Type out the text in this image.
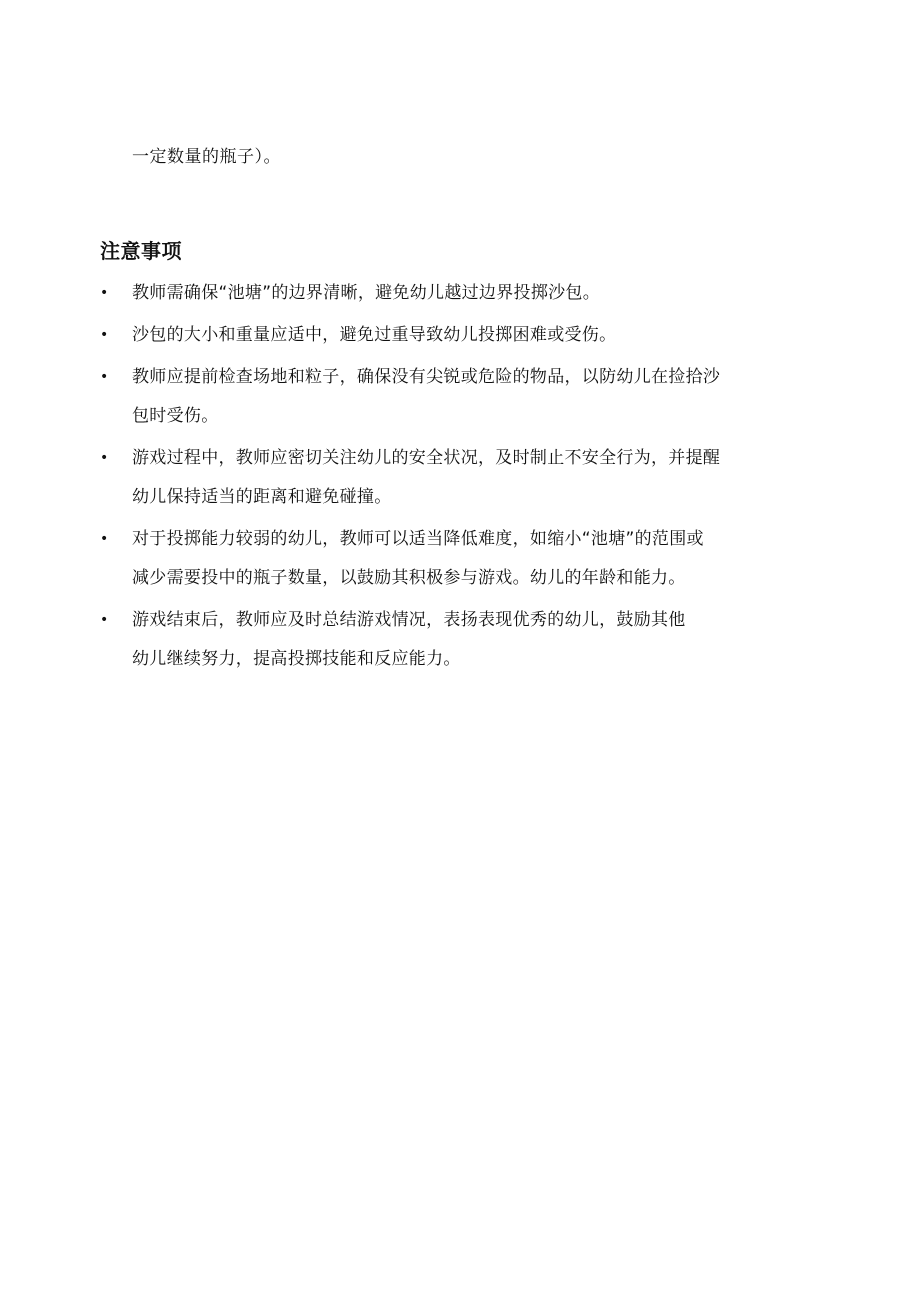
一定数量的瓶子）。
注意事项
•	教师需确保“池塘”的边界清晰，避免幼儿越过边界投掷沙包。
•	沙包的大小和重量应适中，避免过重导致幼儿投掷困难或受伤。
•	教师应提前检查场地和粒子，确保没有尖锐或危险的物品，以防幼儿在捡拾沙
包时受伤。
•	游戏过程中，教师应密切关注幼儿的安全状况，及时制止不安全行为，并提醒
幼儿保持适当的距离和避免碰撞。
•	对于投掷能力较弱的幼儿，教师可以适当降低难度，如缩小“池塘”的范围或
减少需要投中的瓶子数量，以鼓励其积极参与游戏。幼儿的年龄和能力。
•	游戏结束后，教师应及时总结游戏情况，表扬表现优秀的幼儿，鼓励其他
幼儿继续努力，提高投掷技能和反应能力。
